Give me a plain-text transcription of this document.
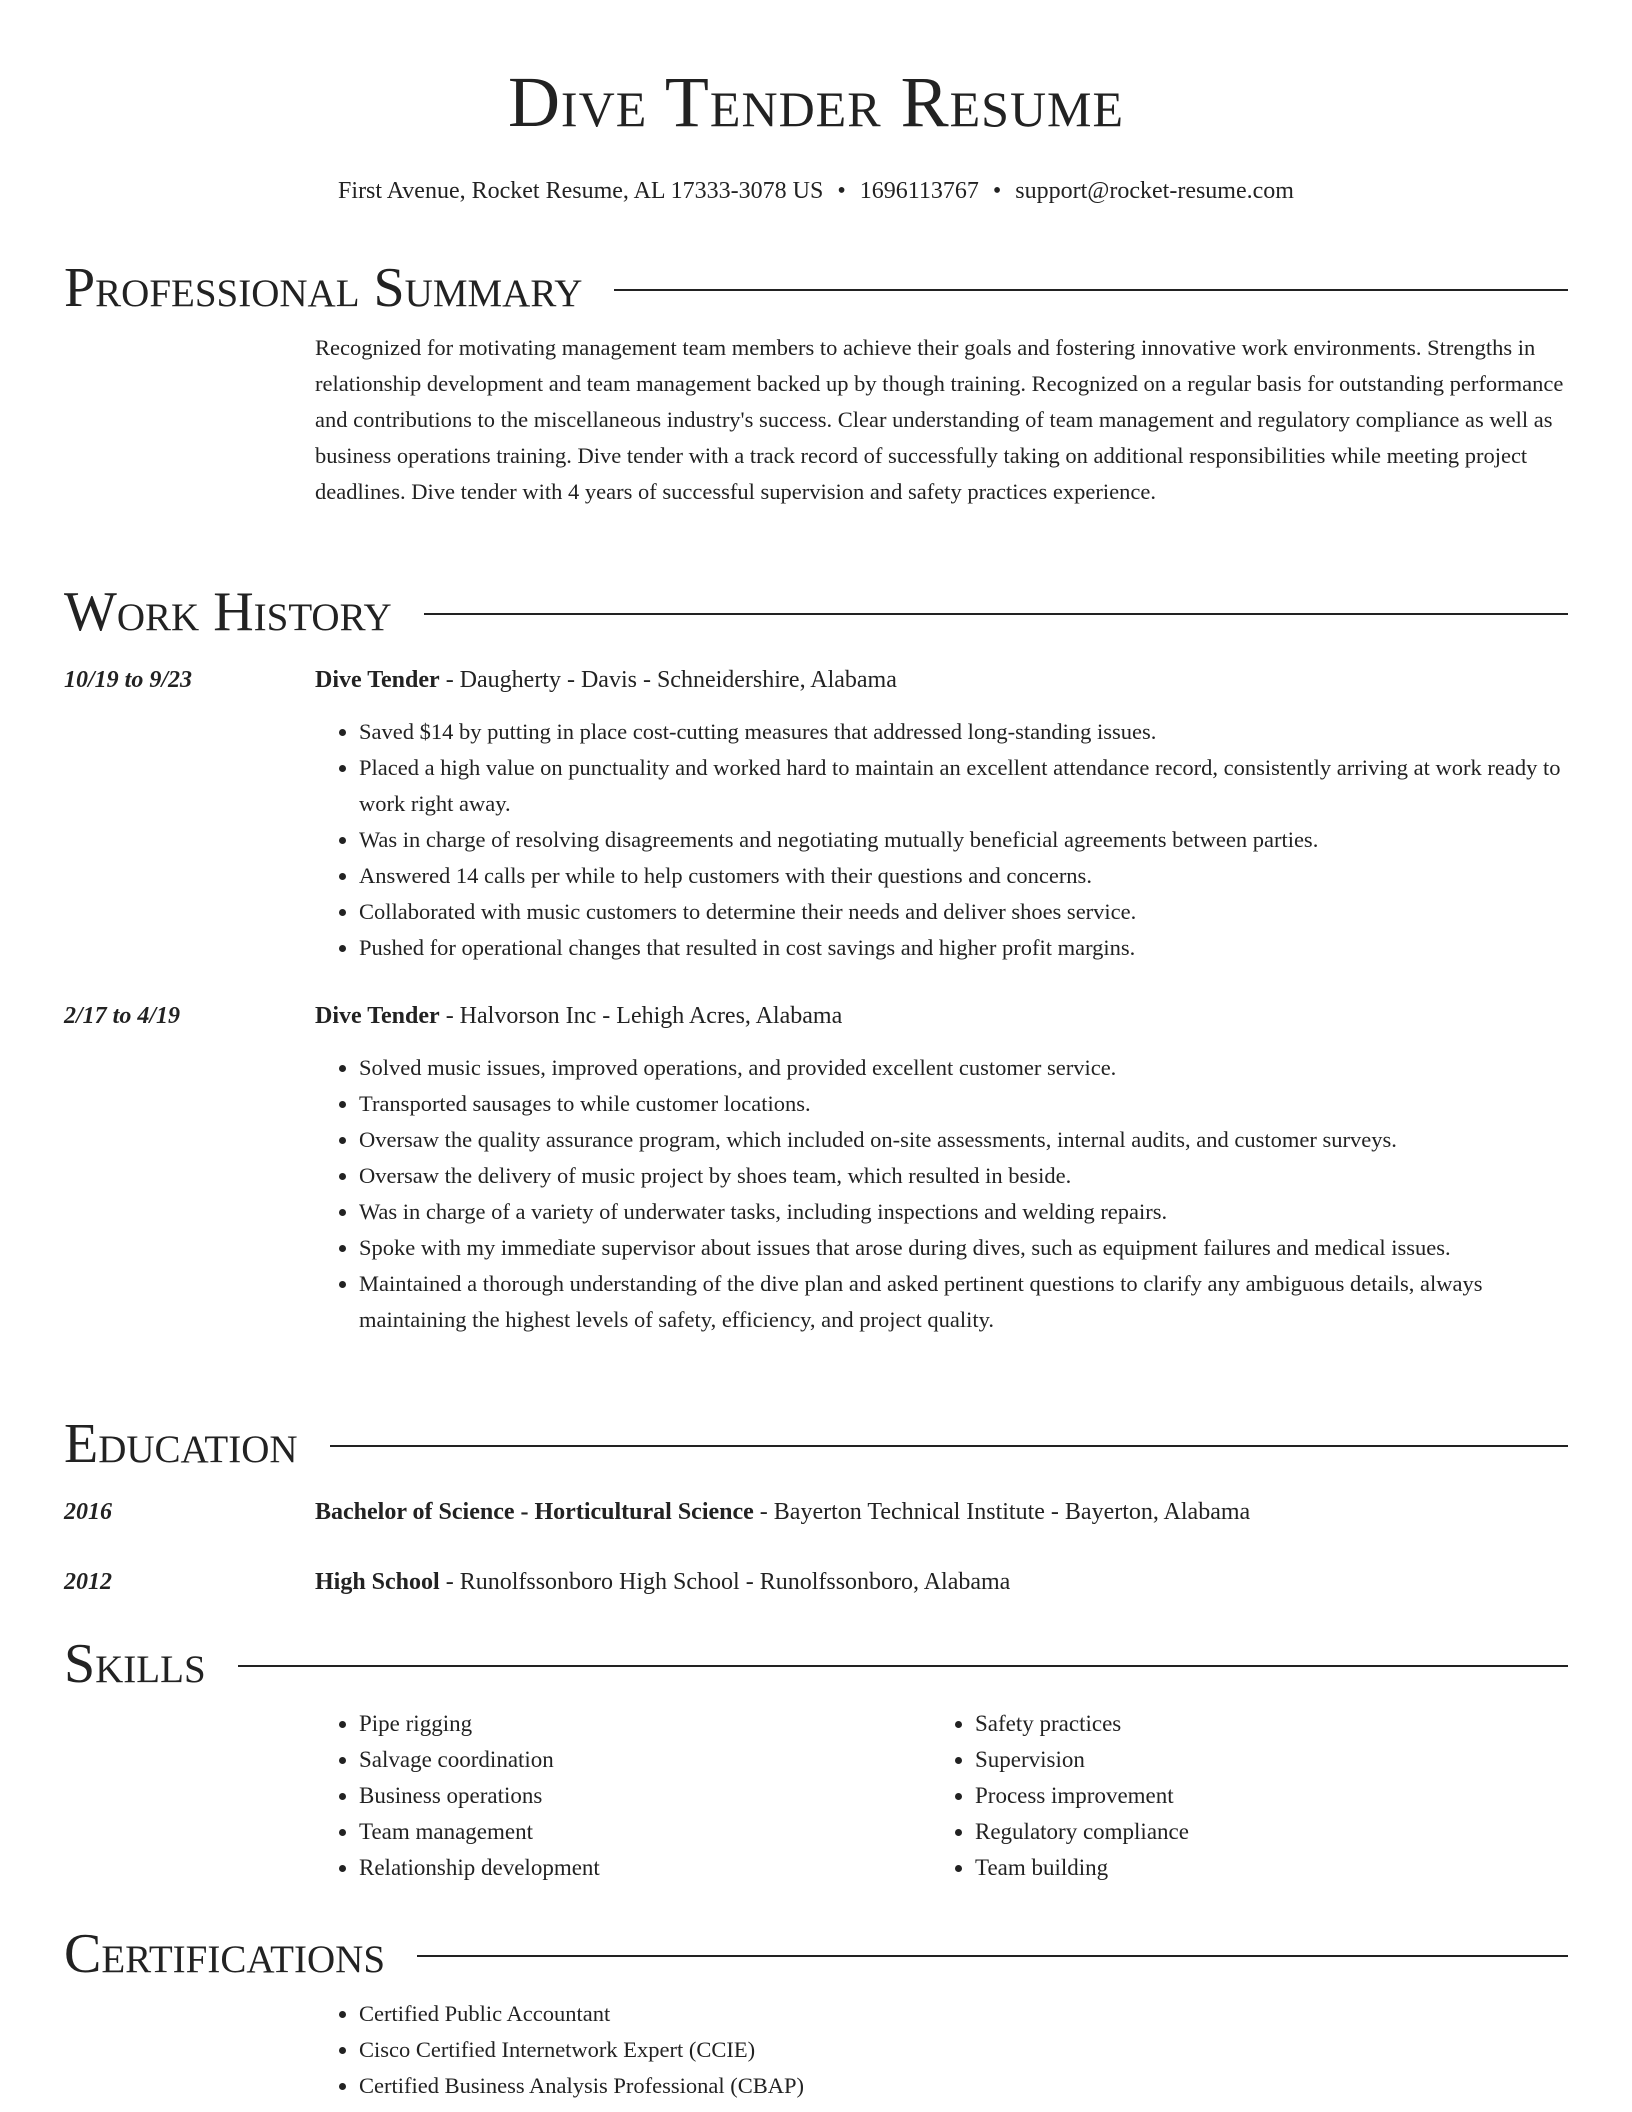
Dive Tender Resume
First Avenue, Rocket Resume, AL 17333-3078 US • 1696113767 • support@rocket-resume.com
Professional Summary
Recognized for motivating management team members to achieve their goals and fostering innovative work environments. Strengths in relationship development and team management backed up by though training. Recognized on a regular basis for outstanding performance and contributions to the miscellaneous industry's success. Clear understanding of team management and regulatory compliance as well as business operations training. Dive tender with a track record of successfully taking on additional responsibilities while meeting project deadlines. Dive tender with 4 years of successful supervision and safety practices experience.
Work History
10/19 to 9/23	Dive Tender - Daugherty - Davis - Schneidershire, Alabama
• Saved $14 by putting in place cost-cutting measures that addressed long-standing issues.
• Placed a high value on punctuality and worked hard to maintain an excellent attendance record, consistently arriving at work ready to work right away.
• Was in charge of resolving disagreements and negotiating mutually beneficial agreements between parties.
• Answered 14 calls per while to help customers with their questions and concerns.
• Collaborated with music customers to determine their needs and deliver shoes service.
• Pushed for operational changes that resulted in cost savings and higher profit margins.
2/17 to 4/19	Dive Tender - Halvorson Inc - Lehigh Acres, Alabama
• Solved music issues, improved operations, and provided excellent customer service.
• Transported sausages to while customer locations.
• Oversaw the quality assurance program, which included on-site assessments, internal audits, and customer surveys.
• Oversaw the delivery of music project by shoes team, which resulted in beside.
• Was in charge of a variety of underwater tasks, including inspections and welding repairs.
• Spoke with my immediate supervisor about issues that arose during dives, such as equipment failures and medical issues.
• Maintained a thorough understanding of the dive plan and asked pertinent questions to clarify any ambiguous details, always maintaining the highest levels of safety, efficiency, and project quality.
Education
2016	Bachelor of Science - Horticultural Science - Bayerton Technical Institute - Bayerton, Alabama
2012	High School - Runolfssonboro High School - Runolfssonboro, Alabama
Skills
• Pipe rigging
• Salvage coordination
• Business operations
• Team management
• Relationship development
• Safety practices
• Supervision
• Process improvement
• Regulatory compliance
• Team building
Certifications
• Certified Public Accountant
• Cisco Certified Internetwork Expert (CCIE)
• Certified Business Analysis Professional (CBAP)
